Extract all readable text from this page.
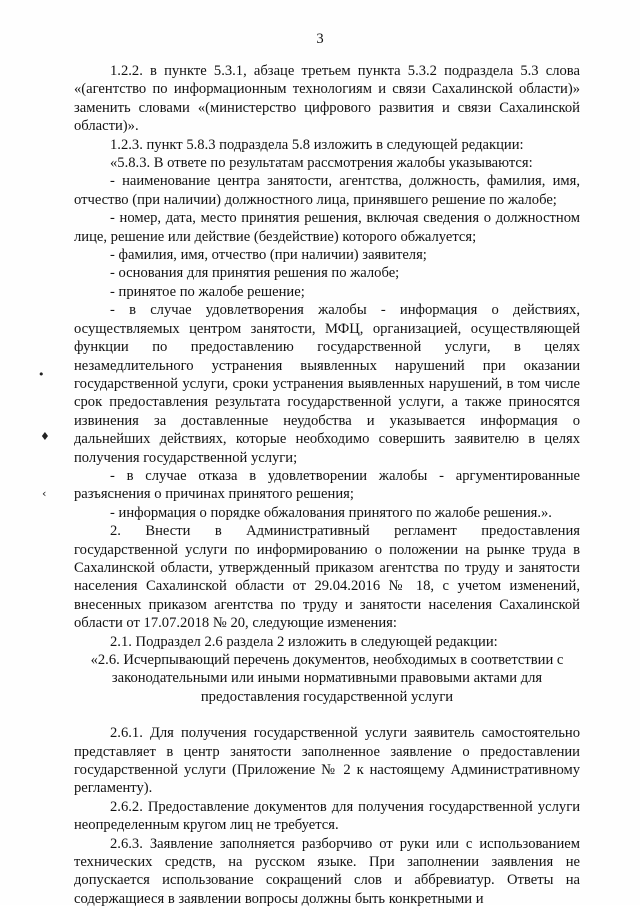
3
•
♦
‹

1.2.2. в пункте 5.3.1, абзаце третьем пункта 5.3.2 подраздела 5.3 слова «(агентство по информационным технологиям и связи Сахалинской области)» заменить словами «(министерство цифрового развития и связи Сахалинской области)».

1.2.3. пункт 5.8.3 подраздела 5.8 изложить в следующей редакции:

«5.8.3. В ответе по результатам рассмотрения жалобы указываются:

- наименование центра занятости, агентства, должность, фамилия, имя, отчество (при наличии) должностного лица, принявшего решение по жалобе;

- номер, дата, место принятия решения, включая сведения о должностном лице, решение или действие (бездействие) которого обжалуется;

- фамилия, имя, отчество (при наличии) заявителя;

- основания для принятия решения по жалобе;

- принятое по жалобе решение;

- в случае удовлетворения жалобы - информация о действиях, осуществляемых центром занятости, МФЦ, организацией, осуществляющей функции по предоставлению государственной услуги, в целях незамедлительного устранения выявленных нарушений при оказании государственной услуги, сроки устранения выявленных нарушений, в том числе срок предоставления результата государственной услуги, а также приносятся извинения за доставленные неудобства и указывается информация о дальнейших действиях, которые необходимо совершить заявителю в целях получения государственной услуги;

- в случае отказа в удовлетворении жалобы - аргументированные разъяснения о причинах принятого решения;

- информация о порядке обжалования принятого по жалобе решения.».

2. Внести в Административный регламент предоставления государственной услуги по информированию о положении на рынке труда в Сахалинской области, утвержденный приказом агентства по труду и занятости населения Сахалинской области от 29.04.2016 № 18, с учетом изменений, внесенных приказом агентства по труду и занятости населения Сахалинской области от 17.07.2018 № 20, следующие изменения:

2.1. Подраздел 2.6 раздела 2 изложить в следующей редакции:

«2.6. Исчерпывающий перечень документов, необходимых в соответствии с законодательными или иными нормативными правовыми актами для предоставления государственной услуги

2.6.1. Для получения государственной услуги заявитель самостоятельно представляет в центр занятости заполненное заявление о предоставлении государственной услуги (Приложение № 2 к настоящему Административному регламенту).

2.6.2. Предоставление документов для получения государственной услуги неопределенным кругом лиц не требуется.

2.6.3. Заявление заполняется разборчиво от руки или с использованием технических средств, на русском языке. При заполнении заявления не допускается использование сокращений слов и аббревиатур. Ответы на содержащиеся в заявлении вопросы должны быть конкретными и
